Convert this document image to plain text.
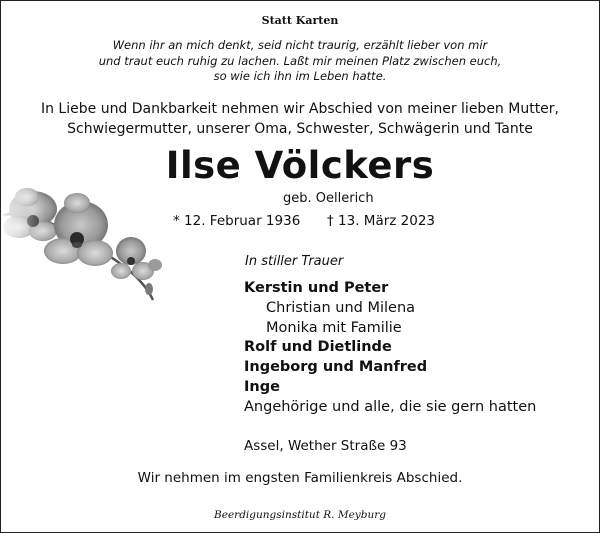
Statt Karten
Wenn ihr an mich denkt, seid nicht traurig, erzählt lieber von mir
und traut euch ruhig zu lachen. Laßt mir meinen Platz zwischen euch,
so wie ich ihn im Leben hatte.
In Liebe und Dankbarkeit nehmen wir Abschied von meiner lieben Mutter,
Schwiegermutter, unserer Oma, Schwester, Schwägerin und Tante
Ilse Völckers
geb. Oellerich
* 12. Februar 1936 † 13. März 2023
In stiller Trauer
Kerstin und Peter
Christian und Milena
Monika mit Familie
Rolf und Dietlinde
Ingeborg und Manfred
Inge
Angehörige und alle, die sie gern hatten
Assel, Wether Straße 93
Wir nehmen im engsten Familienkreis Abschied.
Beerdigungsinstitut R. Meyburg
